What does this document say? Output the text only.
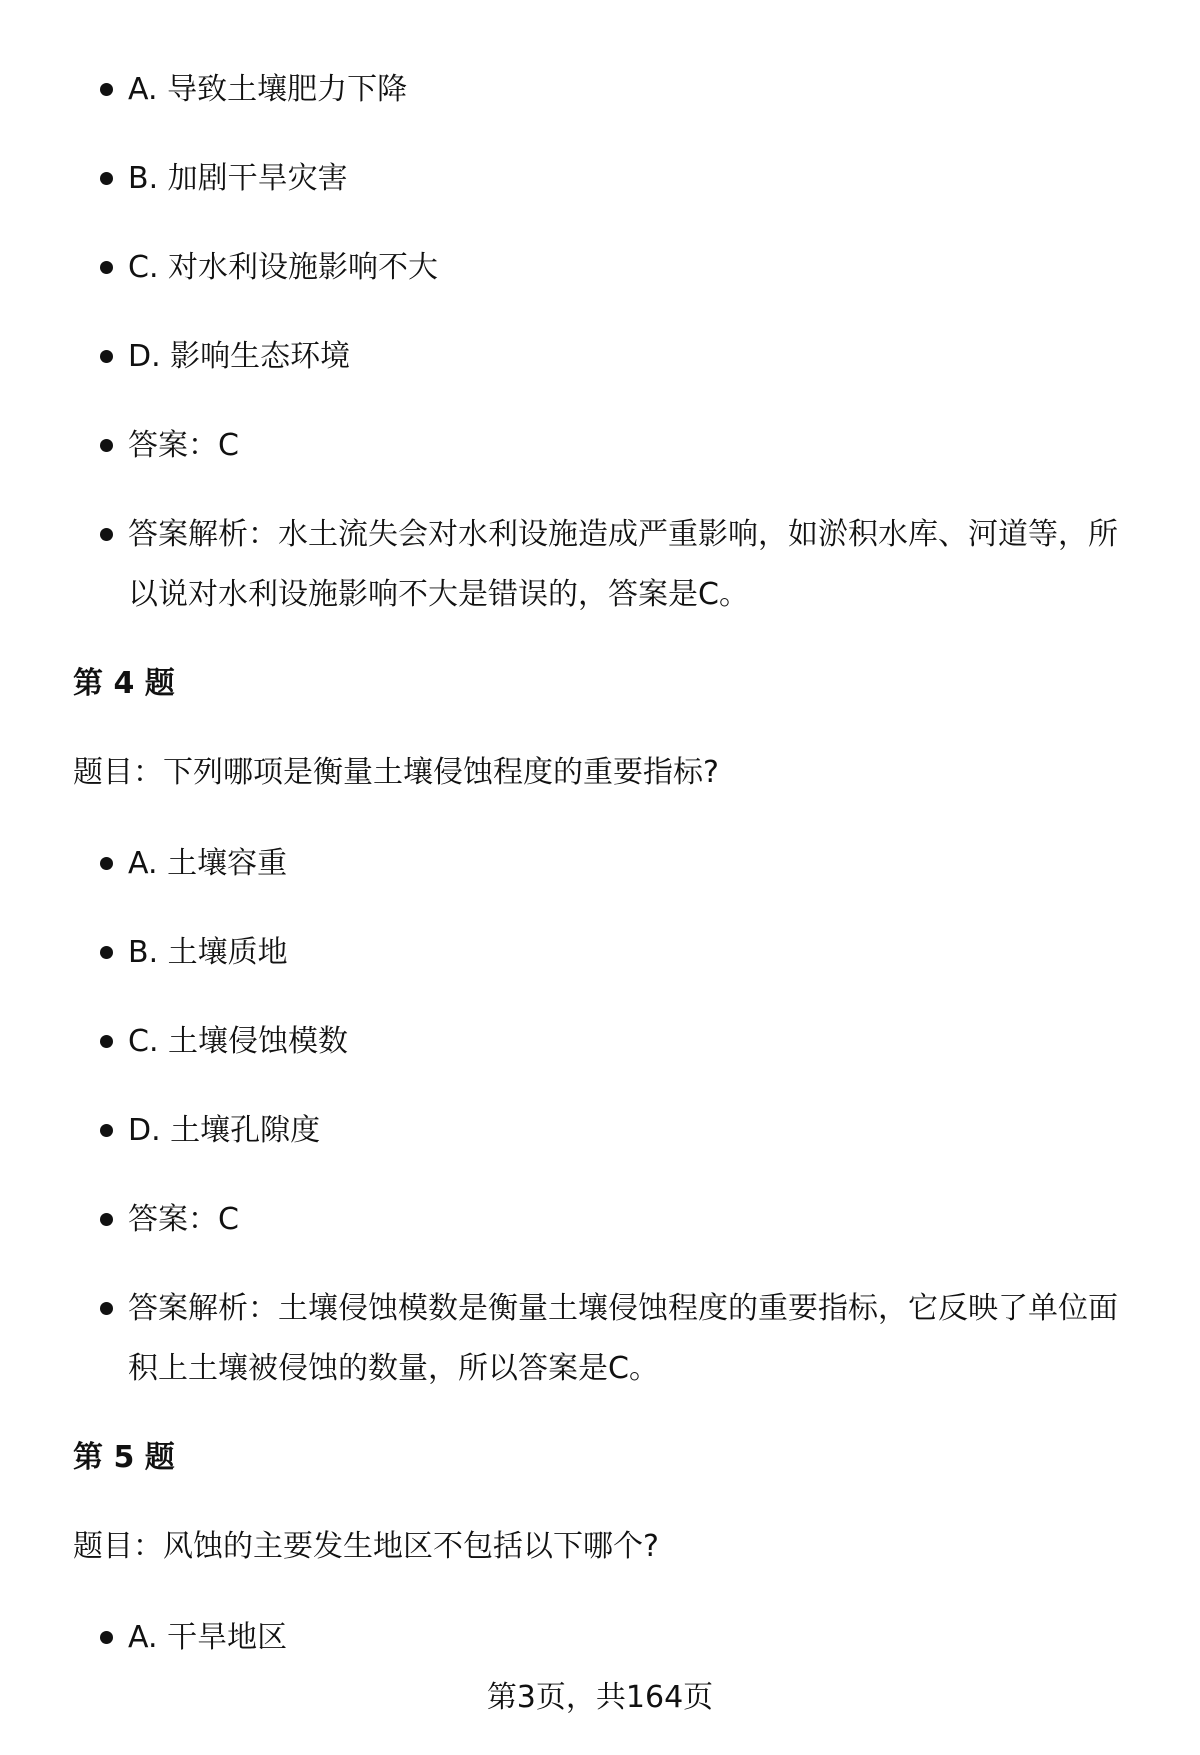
A. 导致土壤肥力下降
B. 加剧干旱灾害
C. 对水利设施影响不大
D. 影响生态环境
答案：C
答案解析：水土流失会对水利设施造成严重影响，如淤积水库、河道等，所以说对水利设施影响不大是错误的，答案是C。
第 4 题
题目：下列哪项是衡量土壤侵蚀程度的重要指标?
A. 土壤容重
B. 土壤质地
C. 土壤侵蚀模数
D. 土壤孔隙度
答案：C
答案解析：土壤侵蚀模数是衡量土壤侵蚀程度的重要指标，它反映了单位面积上土壤被侵蚀的数量，所以答案是C。
第 5 题
题目：风蚀的主要发生地区不包括以下哪个?
A. 干旱地区
第3页，共164页
